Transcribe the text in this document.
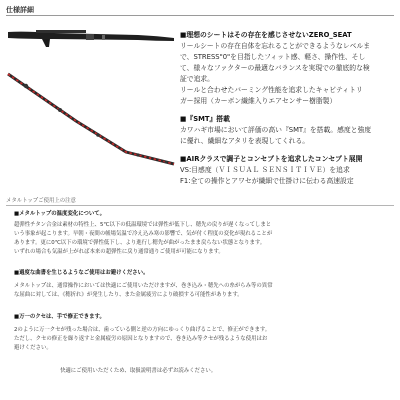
仕様詳細
■理想のシートはその存在を感じさせないZERO_SEAT
リールシートの存在自体を忘れることができるようなレベルま
で、STRESS"0"を目指したフィット感、軽さ、操作性、そし
て、様々なファクターの最適なバランスを実現での徹底的な検
証で追求。
リールと合わせたバーミング性能を追求したキャビティトリ
ガー採用（カーボン繊維入りエアセンサー樹脂製）
■『SMT』搭載
カワハギ市場において評価の高い『SMT』を搭載。感度と強度
に優れ、繊細なアタリを表現してくれる。
■AIRクラスで調子とコンセプトを追求したコンセプト展開
VS:目感度（ＶＩＳＵＡＬ ＳＥＮＳＩＴＩＶＥ）を追求
F1:全ての操作とアワセが繊細で仕掛けに伝わる高速設定
メタルトップご使用上の注意
■メタルトップの温度変化について。
超弾性チタン合金は素材の特性上、5℃以下の低温環境では弾性が低下し、穂先の戻りが遅くなってしまと
いう事象が起こります。早朝・夜間の帳場気温で冷え込み寒の影響で、気が付く程度の変化が現れることが
あります。更に0℃以下の環境で弾性低下し、より進行し穂先が曲がったまま戻らない状態となります。
いずれの場合も気温が上がれば本来の超弾性に戻り通常通りご使用が可能になります。
■過度な曲書を生じるようなご使用はお避けください。
メタルトップは、通常操作においては快適にご使用いただけますが、巻き込み・穂先への糸がらみ等の異常
な屈曲に対しては、《穂折れ》が発生したり、また金属疲労により破損する可能性があります。
■万一のクセは、手で修正できます。
2のように万一クセが残った場合は、歯っている側と逆の方向にゆっくり曲げることで、修正ができます。
ただし、クセの修正を繰り返すと金属疲労の原因となりますので、巻き込み等クセが残るような使用はお
避けください。
快適にご使用いただくため、取扱説明書は必ずお読みください。
